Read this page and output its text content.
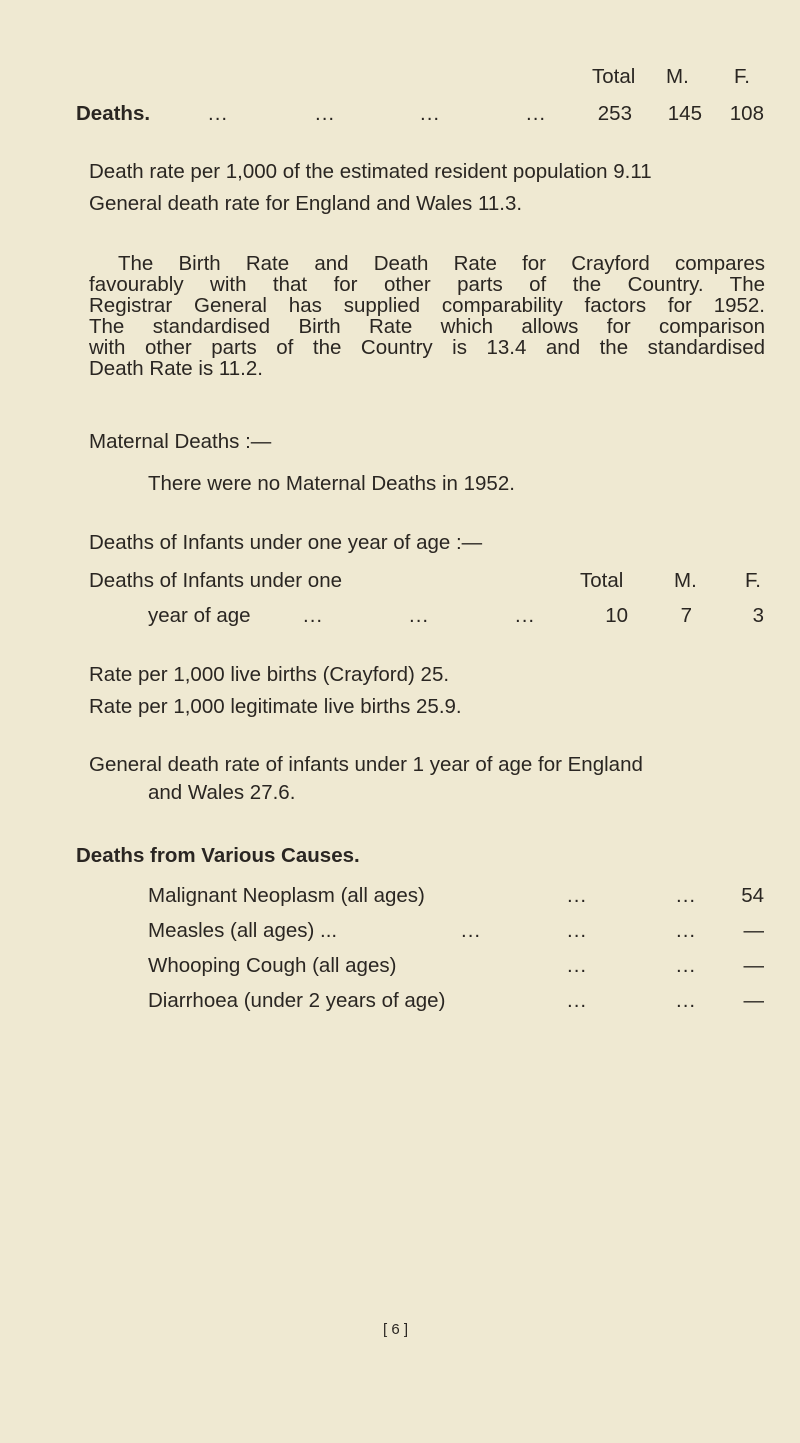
Total M. F.
Deaths.	...	...	...	...	253	145	108
Death rate per 1,000 of the estimated resident population 9.11
General death rate for England and Wales 11.3.
The Birth Rate and Death Rate for Crayford compares
favourably with that for other parts of the Country. The
Registrar General has supplied comparability factors for 1952.
The standardised Birth Rate which allows for comparison
with other parts of the Country is 13.4 and the standardised
Death Rate is 11.2.
Maternal Deaths :—
There were no Maternal Deaths in 1952.
Deaths of Infants under one year of age :—
Deaths of Infants under one	Total M. F.
year of age	...	...	...	10	7	3
Rate per 1,000 live births (Crayford) 25.
Rate per 1,000 legitimate live births 25.9.
General death rate of infants under 1 year of age for England
and Wales 27.6.
Deaths from Various Causes.
Malignant Neoplasm (all ages)	...	...	54
Measles (all ages) ...	...	...	...	—
Whooping Cough (all ages)	...	...	—
Diarrhoea (under 2 years of age)	...	...	—
[ 6 ]
